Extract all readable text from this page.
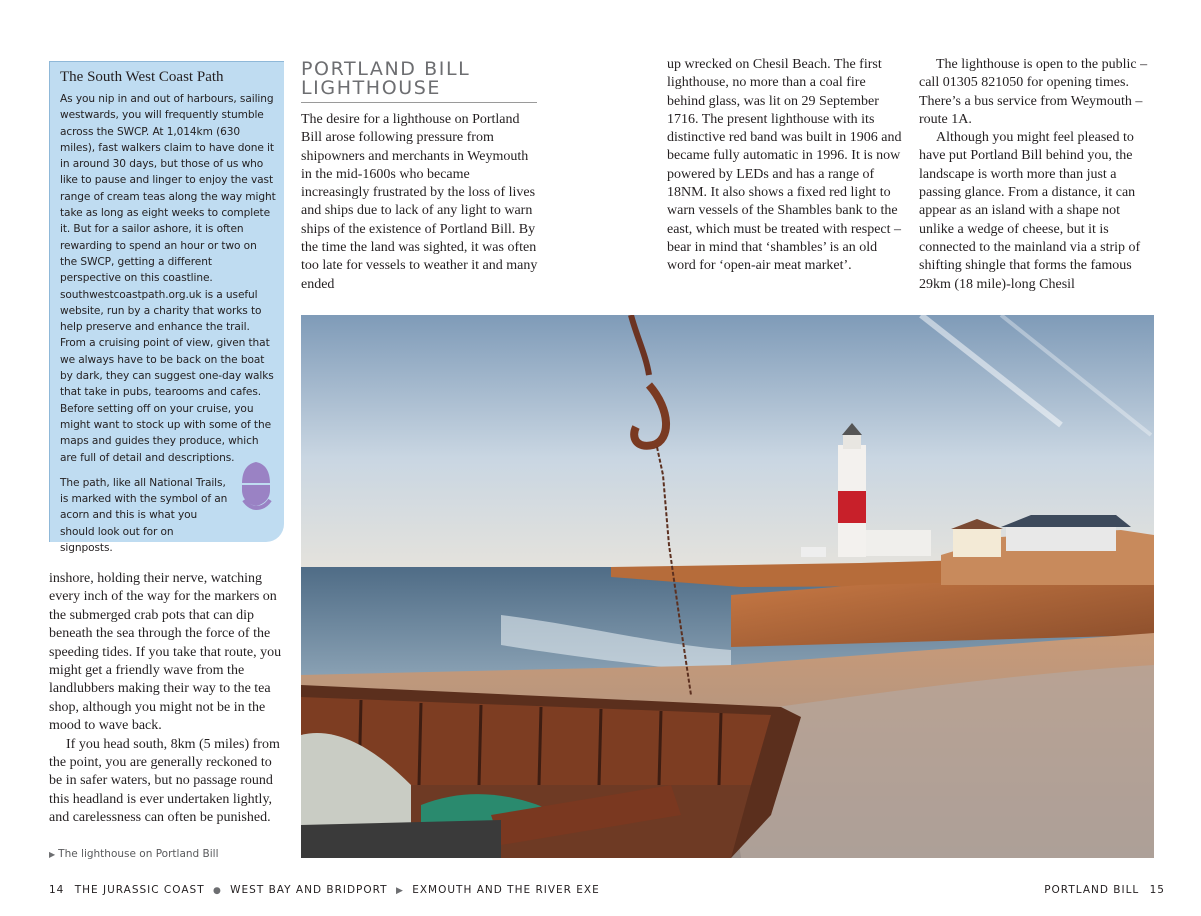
The South West Coast Path

As you nip in and out of harbours, sailing westwards, you will frequently stumble across the SWCP. At 1,014km (630 miles), fast walkers claim to have done it in around 30 days, but those of us who like to pause and linger to enjoy the vast range of cream teas along the way might take as long as eight weeks to complete it. But for a sailor ashore, it is often rewarding to spend an hour or two on the SWCP, getting a different perspective on this coastline. southwestcoastpath.org.uk is a useful website, run by a charity that works to help preserve and enhance the trail. From a cruising point of view, given that we always have to be back on the boat by dark, they can suggest one-day walks that take in pubs, tearooms and cafes. Before setting off on your cruise, you might want to stock up with some of the maps and guides they produce, which are full of detail and descriptions.

The path, like all National Trails, is marked with the symbol of an acorn and this is what you should look out for on signposts.

PORTLAND BILL
LIGHTHOUSE

The desire for a lighthouse on Portland Bill arose following pressure from shipowners and merchants in Weymouth in the mid-1600s who became increasingly frustrated by the loss of lives and ships due to lack of any light to warn ships of the existence of Portland Bill. By the time the land was sighted, it was often too late for vessels to weather it and many ended

up wrecked on Chesil Beach. The first lighthouse, no more than a coal fire behind glass, was lit on 29 September 1716. The present lighthouse with its distinctive red band was built in 1906 and became fully automatic in 1996. It is now powered by LEDs and has a range of 18NM. It also shows a fixed red light to warn vessels of the Shambles bank to the east, which must be treated with respect – bear in mind that ‘shambles’ is an old word for ‘open-air meat market’.

The lighthouse is open to the public – call 01305 821050 for opening times. There’s a bus service from Weymouth – route 1A.

Although you might feel pleased to have put Portland Bill behind you, the landscape is worth more than just a passing glance. From a distance, it can appear as an island with a shape not unlike a wedge of cheese, but it is connected to the mainland via a strip of shifting shingle that forms the famous 29km (18 mile)-long Chesil

inshore, holding their nerve, watching every inch of the way for the markers on the submerged crab pots that can dip beneath the sea through the force of the speeding tides. If you take that route, you might get a friendly wave from the landlubbers making their way to the tea shop, although you might not be in the mood to wave back.

If you head south, 8km (5 miles) from the point, you are generally reckoned to be in safer waters, but no passage round this headland is ever undertaken lightly, and carelessness can often be punished.

▶ The lighthouse on Portland Bill
14 THE JURASSIC COAST ● WEST BAY AND BRIDPORT ▶ EXMOUTH AND THE RIVER EXE	PORTLAND BILL 15
